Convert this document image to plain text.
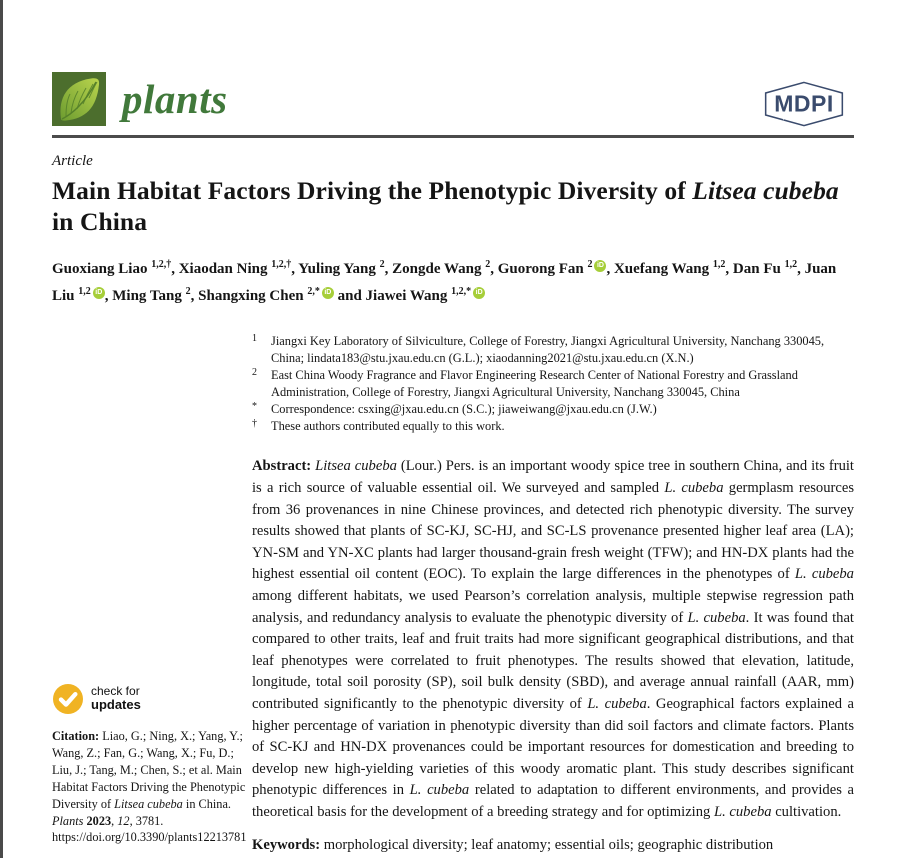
plants	MDPI
Article
Main Habitat Factors Driving the Phenotypic Diversity of Litsea cubeba in China

Guoxiang Liao $^{1,2,\dagger}$, Xiaodan Ning $^{1,2,\dagger}$, Yuling Yang $^2$, Zongde Wang $^2$, Guorong Fan $^2$ iD , Xuefang Wang $^{1,2}$, Dan Fu $^{1,2}$, Juan Liu $^{1,2}$ iD , Ming Tang $^2$, Shangxing Chen $^{2,*}$ iD and Jiawei Wang $^{1,2,*}$ iD

check for
updates

Citation: Liao, G.; Ning, X.; Yang, Y.; Wang, Z.; Fan, G.; Wang, X.; Fu, D.; Liu, J.; Tang, M.; Chen, S.; et al. Main Habitat Factors Driving the Phenotypic Diversity of Litsea cubeba in China. Plants 2023, 12, 3781. https://doi.org/10.3390/plants12213781

1	Jiangxi Key Laboratory of Silviculture, College of Forestry, Jiangxi Agricultural University, Nanchang 330045, China; lindata183@stu.jxau.edu.cn (G.L.); xiaodanning2021@stu.jxau.edu.cn (X.N.)
2	East China Woody Fragrance and Flavor Engineering Research Center of National Forestry and Grassland Administration, College of Forestry, Jiangxi Agricultural University, Nanchang 330045, China
*	Correspondence: csxing@jxau.edu.cn (S.C.); jiaweiwang@jxau.edu.cn (J.W.)
†	These authors contributed equally to this work.

Abstract: Litsea cubeba (Lour.) Pers. is an important woody spice tree in southern China, and its fruit is a rich source of valuable essential oil. We surveyed and sampled L. cubeba germplasm resources from 36 provenances in nine Chinese provinces, and detected rich phenotypic diversity. The survey results showed that plants of SC-KJ, SC-HJ, and SC-LS provenance presented higher leaf area (LA); YN-SM and YN-XC plants had larger thousand-grain fresh weight (TFW); and HN-DX plants had the highest essential oil content (EOC). To explain the large differences in the phenotypes of L. cubeba among different habitats, we used Pearson’s correlation analysis, multiple stepwise regression path analysis, and redundancy analysis to evaluate the phenotypic diversity of L. cubeba. It was found that compared to other traits, leaf and fruit traits had more significant geographical distributions, and that leaf phenotypes were correlated to fruit phenotypes. The results showed that elevation, latitude, longitude, total soil porosity (SP), soil bulk density (SBD), and average annual rainfall (AAR, mm) contributed significantly to the phenotypic diversity of L. cubeba. Geographical factors explained a higher percentage of variation in phenotypic diversity than did soil factors and climate factors. Plants of SC-KJ and HN-DX provenances could be important resources for domestication and breeding to develop new high-yielding varieties of this woody aromatic plant. This study describes significant phenotypic differences in L. cubeba related to adaptation to different environments, and provides a theoretical basis for the development of a breeding strategy and for optimizing L. cubeba cultivation.

Keywords: morphological diversity; leaf anatomy; essential oils; geographic distribution
